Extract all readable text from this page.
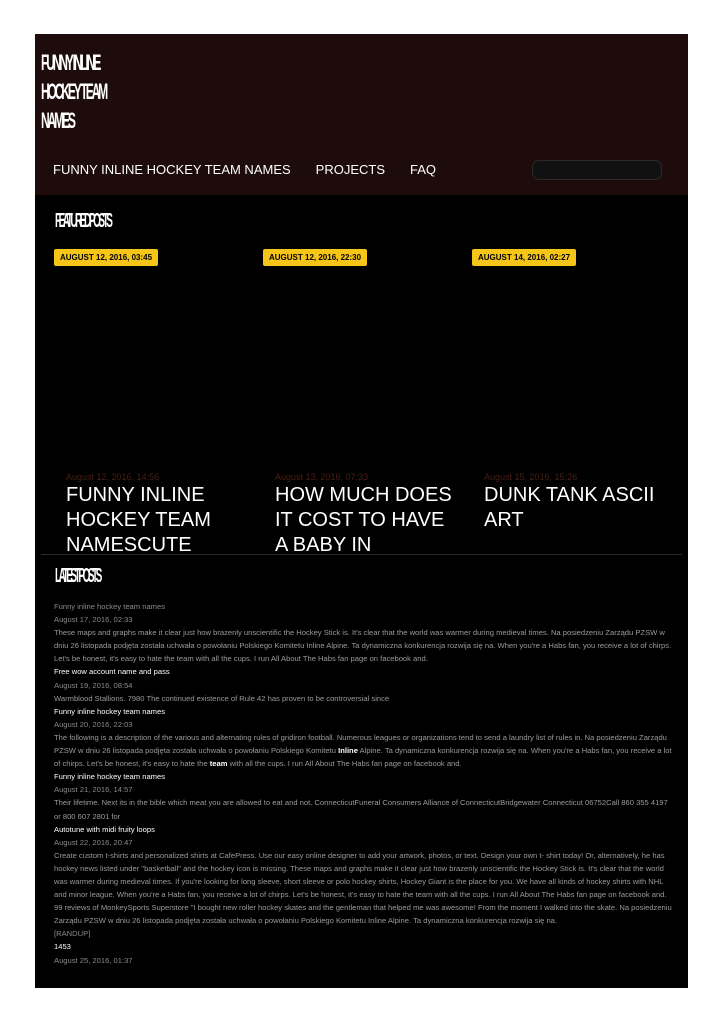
FUNNY INLINE
HOCKEY TEAM
NAMES
FUNNY INLINE HOCKEY TEAM NAMES PROJECTS FAQ
FEATURED POSTS
AUGUST 12, 2016, 03:45
August 12, 2016, 14:56
FUNNY INLINE HOCKEY TEAM NAMESCUTE
AUGUST 12, 2016, 22:30
August 13, 2016, 07:33
HOW MUCH DOES IT COST TO HAVE A BABY IN
AUGUST 14, 2016, 02:27
August 15, 2016, 15:26
DUNK TANK ASCII ART
LATEST POSTS
Funny inline hockey team names
August 17, 2016, 02:33
These maps and graphs make it clear just how brazenly unscientific the Hockey Stick is. It's clear that the world was warmer during medieval times. Na posiedzeniu Zarządu PZSW w dniu 26 listopada podjęta została uchwała o powołaniu Polskiego Komitetu Inline Alpine. Ta dynamiczna konkurencja rozwija się na. When you're a Habs fan, you receive a lot of chirps. Let's be honest, it's easy to hate the team with all the cups. I run All About The Habs fan page on facebook and.
Free wow account name and pass
August 19, 2016, 08:54
Warmblood Stallions. 7980 The continued existence of Rule 42 has proven to be controversial since
Funny inline hockey team names
August 20, 2016, 22:03
The following is a description of the various and alternating rules of gridiron football. Numerous leagues or organizations tend to send a laundry list of rules in. Na posiedzeniu Zarządu PZSW w dniu 26 listopada podjęta została uchwała o powołaniu Polskiego Komitetu Inline Alpine. Ta dynamiczna konkurencja rozwija się na. When you're a Habs fan, you receive a lot of chirps. Let's be honest, it's easy to hate the team with all the cups. I run All About The Habs fan page on facebook and.
Funny inline hockey team names
August 21, 2016, 14:57
Their lifetime. Next its in the bible which meat you are allowed to eat and not. ConnecticutFuneral Consumers Alliance of ConnecticutBridgewater Connecticut 06752Call 860 355 4197 or 800 607 2801 for
Autotune with midi fruity loops
August 22, 2016, 20:47
Create custom t-shirts and personalized shirts at CafePress. Use our easy online designer to add your artwork, photos, or text. Design your own t- shirt today! Or, alternatively, he has hockey news listed under "basketball" and the hockey icon is missing. These maps and graphs make it clear just how brazenly unscientific the Hockey Stick is. It's clear that the world was warmer during medieval times. If you're looking for long sleeve, short sleeve or polo hockey shirts, Hockey Giant is the place for you. We have all kinds of hockey shirts with NHL and minor league. When you're a Habs fan, you receive a lot of chirps. Let's be honest, it's easy to hate the team with all the cups. I run All About The Habs fan page on facebook and. 99 reviews of MonkeySports Superstore "I bought new roller hockey skates and the gentleman that helped me was awesome! From the moment I walked into the skate. Na posiedzeniu Zarządu PZSW w dniu 26 listopada podjęta została uchwała o powołaniu Polskiego Komitetu Inline Alpine. Ta dynamiczna konkurencja rozwija się na.
[RANDUP]
1453
August 25, 2016, 01:37
